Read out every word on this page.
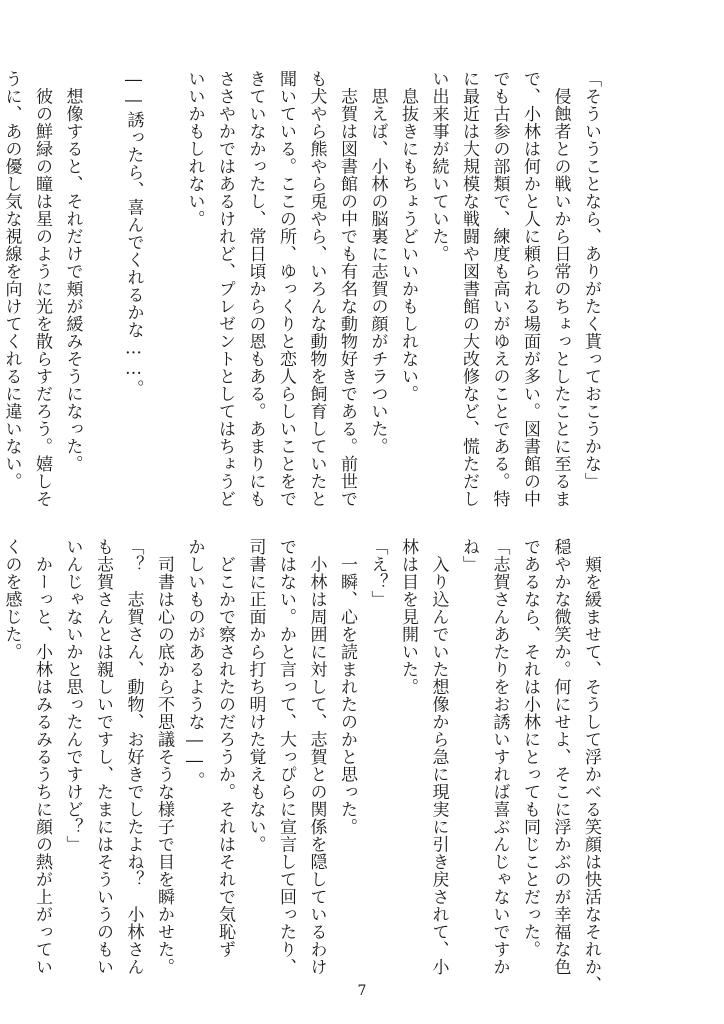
「そういうことなら、ありがたく貰っておこうかな」
　侵蝕者との戦いから日常のちょっとしたことに至るま
で、小林は何かと人に頼られる場面が多い。図書館の中
でも古参の部類で、練度も高いがゆえのことである。特
に最近は大規模な戦闘や図書館の大改修など、慌ただし
い出来事が続いていた。
　息抜きにもちょうどいいかもしれない。
　思えば、小林の脳裏に志賀の顔がチラついた。
　志賀は図書館の中でも有名な動物好きである。前世で
も犬やら熊やら兎やら、いろんな動物を飼育していたと
聞いている。ここの所、ゆっくりと恋人らしいことをで
きていなかったし、常日頃からの恩もある。あまりにも
ささやかではあるけれど、プレゼントとしてはちょうど
いいかもしれない。

――誘ったら、喜んでくれるかな……。

　想像すると、それだけで頬が緩みそうになった。
　彼の鮮緑の瞳は星のように光を散らすだろう。嬉しそ
うに、あの優し気な視線を向けてくれるに違いない。
　頬を緩ませて、そうして浮かべる笑顔は快活なそれか、
穏やかな微笑か。何にせよ、そこに浮かぶのが幸福な色
であるなら、それは小林にとっても同じことだった。
「志賀さんあたりをお誘いすれば喜ぶんじゃないですか
ね」
　入り込んでいた想像から急に現実に引き戻されて、小
林は目を見開いた。
「え？」
　一瞬、心を読まれたのかと思った。
　小林は周囲に対して、志賀との関係を隠しているわけ
ではない。かと言って、大っぴらに宣言して回ったり、
司書に正面から打ち明けた覚えもない。
　どこかで察されたのだろうか。それはそれで気恥ず
かしいものがあるような――。
　司書は心の底から不思議そうな様子で目を瞬かせた。
「？　志賀さん、動物、お好きでしたよね？　小林さん
も志賀さんとは親しいですし、たまにはそういうのもい
いんじゃないかと思ったんですけど？」
　かーっと、小林はみるみるうちに顔の熱が上がってい
くのを感じた。
7
